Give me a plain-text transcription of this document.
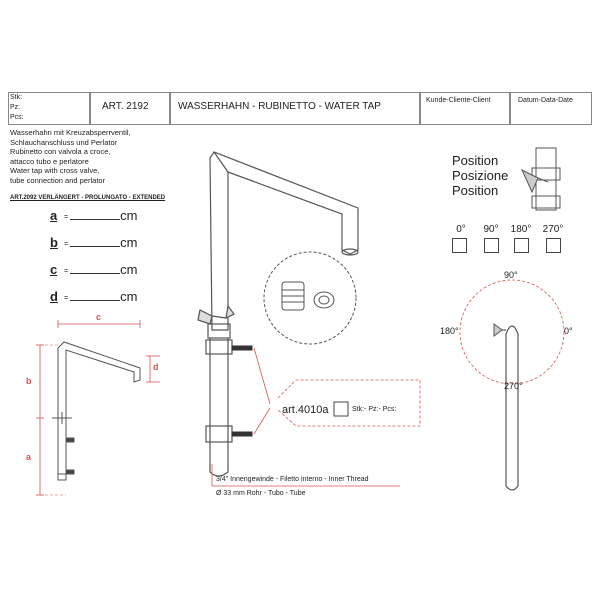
Stk:
Pz:
Pcs:
ART. 2192	WASSERHAHN - RUBINETTO - WATER TAP
Kunde-Cliente-Client	Datum-Data-Date
Wasserhahn mit Kreuzabsperrventil,
Schlauchanschluss und Perlator
Rubinetto con valvola a croce,
attacco tubo e perlatore
Water tap with cross valve,
tube connection and perlator
ART.2092 VERLÄNGERT - PROLUNGATO - EXTENDED
a =	cm
b =	cm
c =	cm
d =	cm
c
b
a
d
art.4010a	Stk:- Pz:- Pcs:
3/4" Innengewinde - Filetto interno - Inner Thread
Ø 33 mm Rohr - Tubo - Tube
Position
Posizione
Position
0°	90°	180°	270°
90°
180°	0°
270°
